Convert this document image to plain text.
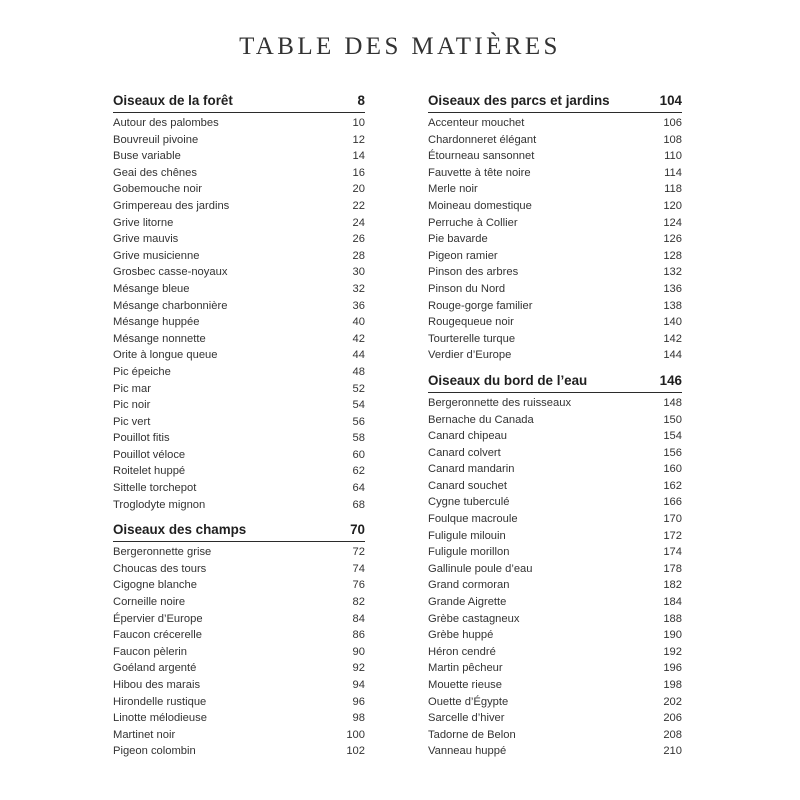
TABLE DES MATIÈRES
Oiseaux de la forêt	8
Autour des palombes	10
Bouvreuil pivoine	12
Buse variable	14
Geai des chênes	16
Gobemouche noir	20
Grimpereau des jardins	22
Grive litorne	24
Grive mauvis	26
Grive musicienne	28
Grosbec casse-noyaux	30
Mésange bleue	32
Mésange charbonnière	36
Mésange huppée	40
Mésange nonnette	42
Orite à longue queue	44
Pic épeiche	48
Pic mar	52
Pic noir	54
Pic vert	56
Pouillot fitis	58
Pouillot véloce	60
Roitelet huppé	62
Sittelle torchepot	64
Troglodyte mignon	68
Oiseaux des champs	70
Bergeronnette grise	72
Choucas des tours	74
Cigogne blanche	76
Corneille noire	82
Épervier d’Europe	84
Faucon crécerelle	86
Faucon pèlerin	90
Goéland argenté	92
Hibou des marais	94
Hirondelle rustique	96
Linotte mélodieuse	98
Martinet noir	100
Pigeon colombin	102
Oiseaux des parcs et jardins	104
Accenteur mouchet	106
Chardonneret élégant	108
Étourneau sansonnet	110
Fauvette à tête noire	114
Merle noir	118
Moineau domestique	120
Perruche à Collier	124
Pie bavarde	126
Pigeon ramier	128
Pinson des arbres	132
Pinson du Nord	136
Rouge-gorge familier	138
Rougequeue noir	140
Tourterelle turque	142
Verdier d’Europe	144
Oiseaux du bord de l’eau	146
Bergeronnette des ruisseaux	148
Bernache du Canada	150
Canard chipeau	154
Canard colvert	156
Canard mandarin	160
Canard souchet	162
Cygne tuberculé	166
Foulque macroule	170
Fuligule milouin	172
Fuligule morillon	174
Gallinule poule d’eau	178
Grand cormoran	182
Grande Aigrette	184
Grèbe castagneux	188
Grèbe huppé	190
Héron cendré	192
Martin pêcheur	196
Mouette rieuse	198
Ouette d’Égypte	202
Sarcelle d’hiver	206
Tadorne de Belon	208
Vanneau huppé	210
